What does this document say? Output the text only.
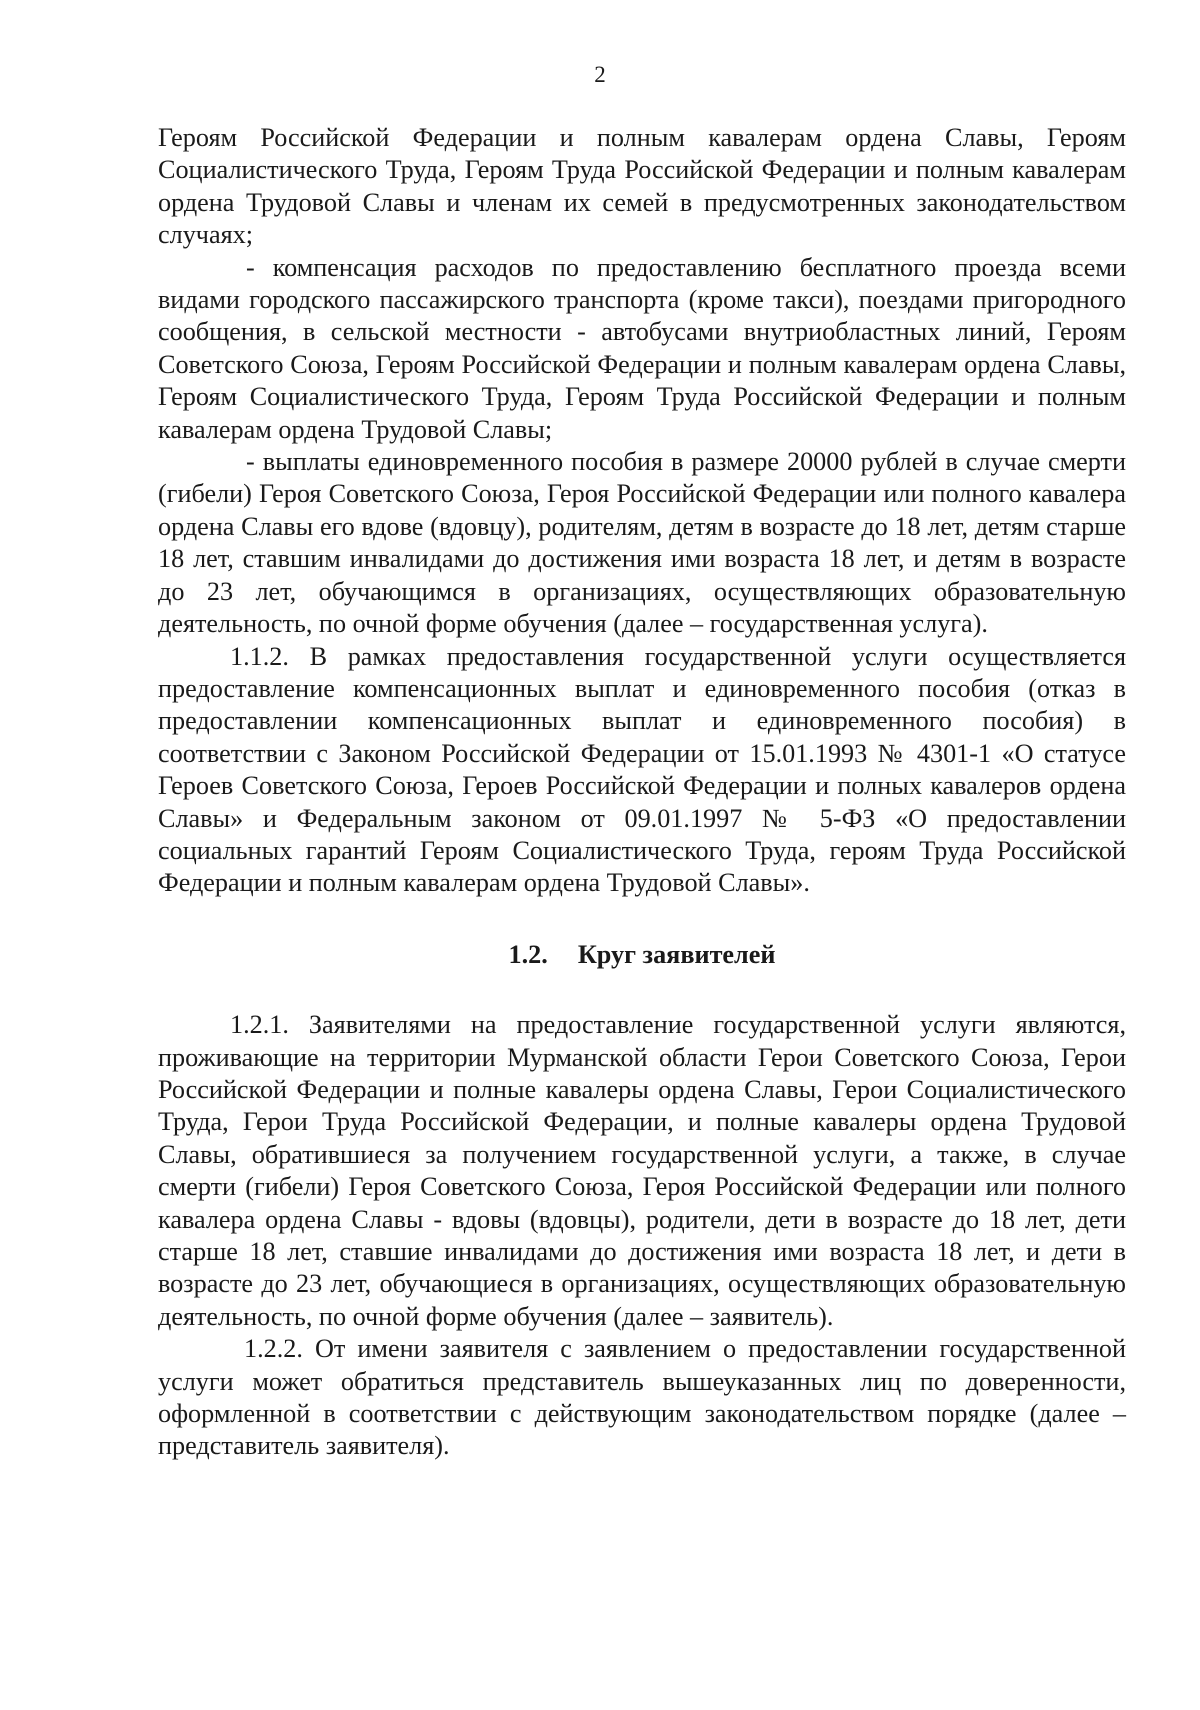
2

Героям Российской Федерации и полным кавалерам ордена Славы, Героям Социалистического Труда, Героям Труда Российской Федерации и полным кавалерам ордена Трудовой Славы и членам их семей в предусмотренных законодательством случаях;

- компенсация расходов по предоставлению бесплатного проезда всеми видами городского пассажирского транспорта (кроме такси), поездами пригородного сообщения, в сельской местности - автобусами внутриобластных линий, Героям Советского Союза, Героям Российской Федерации и полным кавалерам ордена Славы, Героям Социалистического Труда, Героям Труда Российской Федерации и полным кавалерам ордена Трудовой Славы;

- выплаты единовременного пособия в размере 20000 рублей в случае смерти (гибели) Героя Советского Союза, Героя Российской Федерации или полного кавалера ордена Славы его вдове (вдовцу), родителям, детям в возрасте до 18 лет, детям старше 18 лет, ставшим инвалидами до достижения ими возраста 18 лет, и детям в возрасте до 23 лет, обучающимся в организациях, осуществляющих образовательную деятельность, по очной форме обучения (далее – государственная услуга).

1.1.2. В рамках предоставления государственной услуги осуществляется предоставление компенсационных выплат и единовременного пособия (отказ в предоставлении компенсационных выплат и единовременного пособия) в соответствии с Законом Российской Федерации от 15.01.1993 № 4301-1 «О статусе Героев Советского Союза, Героев Российской Федерации и полных кавалеров ордена Славы» и Федеральным законом от 09.01.1997 № 5-ФЗ «О предоставлении социальных гарантий Героям Социалистического Труда, героям Труда Российской Федерации и полным кавалерам ордена Трудовой Славы».

1.2. Круг заявителей

1.2.1. Заявителями на предоставление государственной услуги являются, проживающие на территории Мурманской области Герои Советского Союза, Герои Российской Федерации и полные кавалеры ордена Славы, Герои Социалистического Труда, Герои Труда Российской Федерации, и полные кавалеры ордена Трудовой Славы, обратившиеся за получением государственной услуги, а также, в случае смерти (гибели) Героя Советского Союза, Героя Российской Федерации или полного кавалера ордена Славы - вдовы (вдовцы), родители, дети в возрасте до 18 лет, дети старше 18 лет, ставшие инвалидами до достижения ими возраста 18 лет, и дети в возрасте до 23 лет, обучающиеся в организациях, осуществляющих образовательную деятельность, по очной форме обучения (далее – заявитель).

1.2.2. От имени заявителя с заявлением о предоставлении государственной услуги может обратиться представитель вышеуказанных лиц по доверенности, оформленной в соответствии с действующим законодательством порядке (далее – представитель заявителя).
